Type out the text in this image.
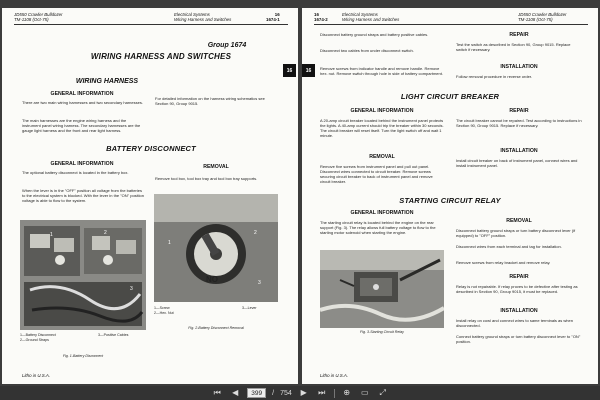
JD550 Crawler Bulldozer
TM-1108 (Oct-75)
Electrical Systems
Wiring Harness and Switches
16
1674-1
Group 1674
WIRING HARNESS AND SWITCHES
16
WIRING HARNESS
GENERAL INFORMATION
There are two main wiring harnesses and two secondary harnesses.
The main harnesses are the engine wiring harness and the instrument panel wiring harness. The secondary harnesses are the gauge light harness and the front and rear light harness.
For detailed information on the harness wiring schematics see Section 90, Group 9015.
BATTERY DISCONNECT
GENERAL INFORMATION
The optional battery disconnect is located in the battery box.
When the lever is in the "OFF" position all voltage from the batteries to the electrical system is blocked. With the lever in the "ON" position voltage is able to flow to the system.
REMOVAL
Remove tool box, tool box tray and tool box tray supports.
1	2
3
1—Battery Disconnect
2—Ground Straps
3—Positive Cables
Fig. 1-Battery Disconnect
NO
1
2
3
1—Screw
2—Hex. Nut
3—Lever
Fig. 2-Battery Disconnect Removal
Litho in U.S.A.
16
1674-2
Electrical Systems
Wiring Harness and Switches
JD550 Crawler Bulldozer
TM-1108 (Oct-75)
16
Disconnect battery ground straps and battery positive cables.
Disconnect two cables from under disconnect switch.
Remove screws from indicator handle and remove handle. Remove hex. nut. Remove switch through hole in side of battery compartment.
LIGHT CIRCUIT BREAKER
GENERAL INFORMATION
A 20-amp circuit breaker located behind the instrument panel protects the lights. A 40-amp current should trip the breaker within 30 seconds. The circuit breaker will reset itself. Turn the light switch off and wait 1 minute.
REMOVAL
Remove five screws from instrument panel and pull out panel. Disconnect wires connected to circuit breaker. Remove screws securing circuit breaker to back of instrument panel and remove circuit breaker.
STARTING CIRCUIT RELAY
GENERAL INFORMATION
The starting circuit relay is located behind the engine on the rear support (Fig. 3). The relay allows full battery voltage to flow to the starting motor solenoid when starting the engine.
Fig. 3-Starting Circuit Relay
REPAIR
Test the switch as described in Section 90, Group 9015. Replace switch if necessary.
INSTALLATION
Follow removal procedure in reverse order.
REPAIR
The circuit breaker cannot be repaired. Test according to instructions in Section 90, Group 9015. Replace if necessary.
INSTALLATION
Install circuit breaker on back of instrument panel, connect wires and install instrument panel.
REMOVAL
Disconnect battery ground straps or turn battery disconnect lever (if equipped) to "OFF" position.
Disconnect wires from each terminal and tag for installation.
Remove screws from relay bracket and remove relay.
REPAIR
Relay is not repairable. If relay proves to be defective after testing as described in Section 90, Group 9015, it must be replaced.
INSTALLATION
Install relay on cowl and connect wires to same terminals as when disconnected.
Connect battery ground straps or turn battery disconnect lever to "ON" position.
Litho in U.S.A.
⏮	◀	399	/ 754	▶	⏭	⊕	▭	⤢
